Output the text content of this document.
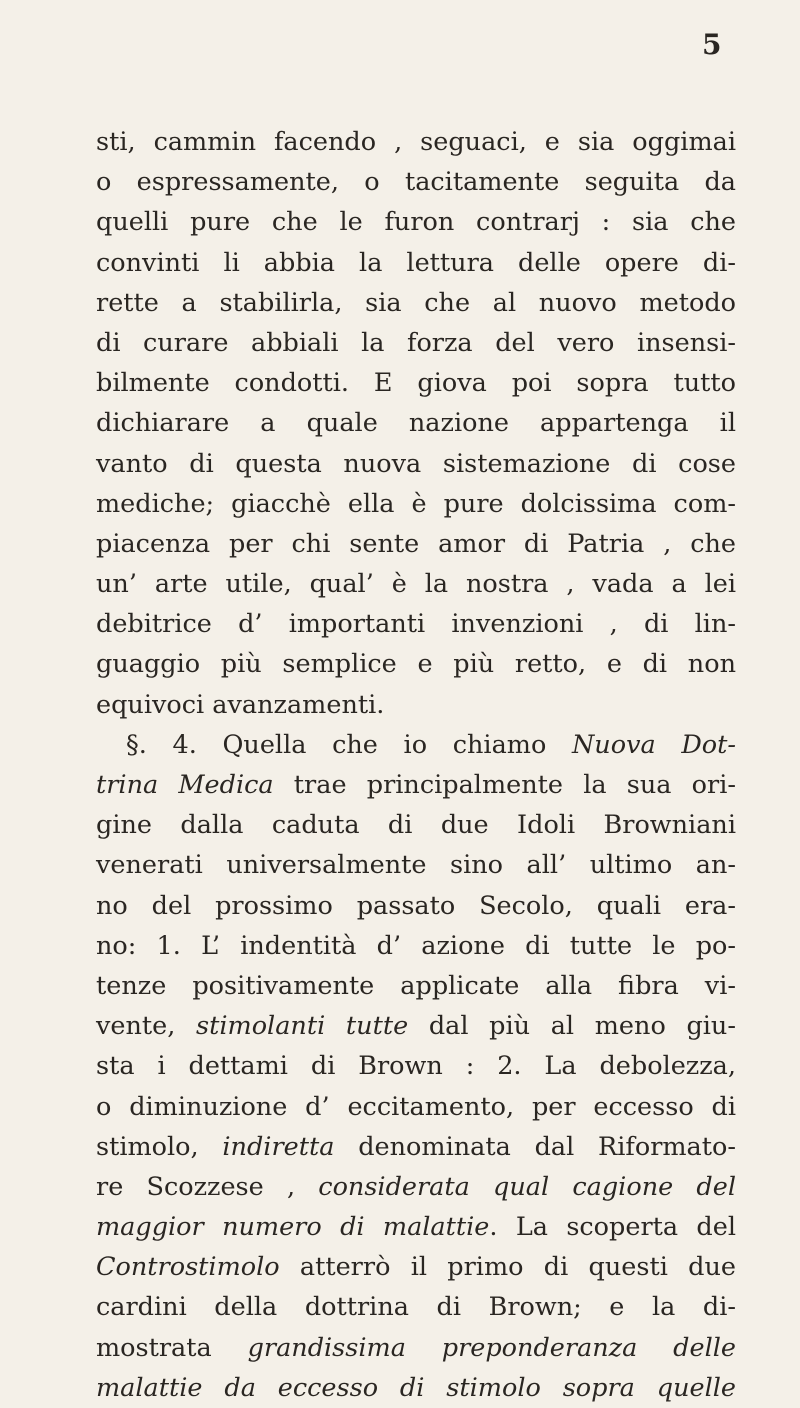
5
sti, cammin facendo , seguaci, e sia oggimai
o espressamente, o tacitamente seguita da
quelli pure che le furon contrarj : sia che
convinti li abbia la lettura delle opere di-
rette a stabilirla, sia che al nuovo metodo
di curare abbiali la forza del vero insensi-
bilmente condotti. E giova poi sopra tutto
dichiarare a quale nazione appartenga il
vanto di questa nuova sistemazione di cose
mediche; giacchè ella è pure dolcissima com-
piacenza per chi sente amor di Patria , che
un’ arte utile, qual’ è la nostra , vada a lei
debitrice d’ importanti invenzioni , di lin-
guaggio più semplice e più retto, e di non
equivoci avanzamenti.
§. 4. Quella che io chiamo Nuova Dot-
trina Medica trae principalmente la sua ori-
gine dalla caduta di due Idoli Browniani
venerati universalmente sino all’ ultimo an-
no del prossimo passato Secolo, quali era-
no: 1. L’ indentità d’ azione di tutte le po-
tenze positivamente applicate alla fibra vi-
vente, stimolanti tutte dal più al meno giu-
sta i dettami di Brown : 2. La debolezza,
o diminuzione d’ eccitamento, per eccesso di
stimolo, indiretta denominata dal Riformato-
re Scozzese , considerata qual cagione del
maggior numero di malattie. La scoperta del
Controstimolo atterrò il primo di questi due
cardini della dottrina di Brown; e la di-
mostrata grandissima preponderanza delle
malattie da eccesso di stimolo sopra quelle
